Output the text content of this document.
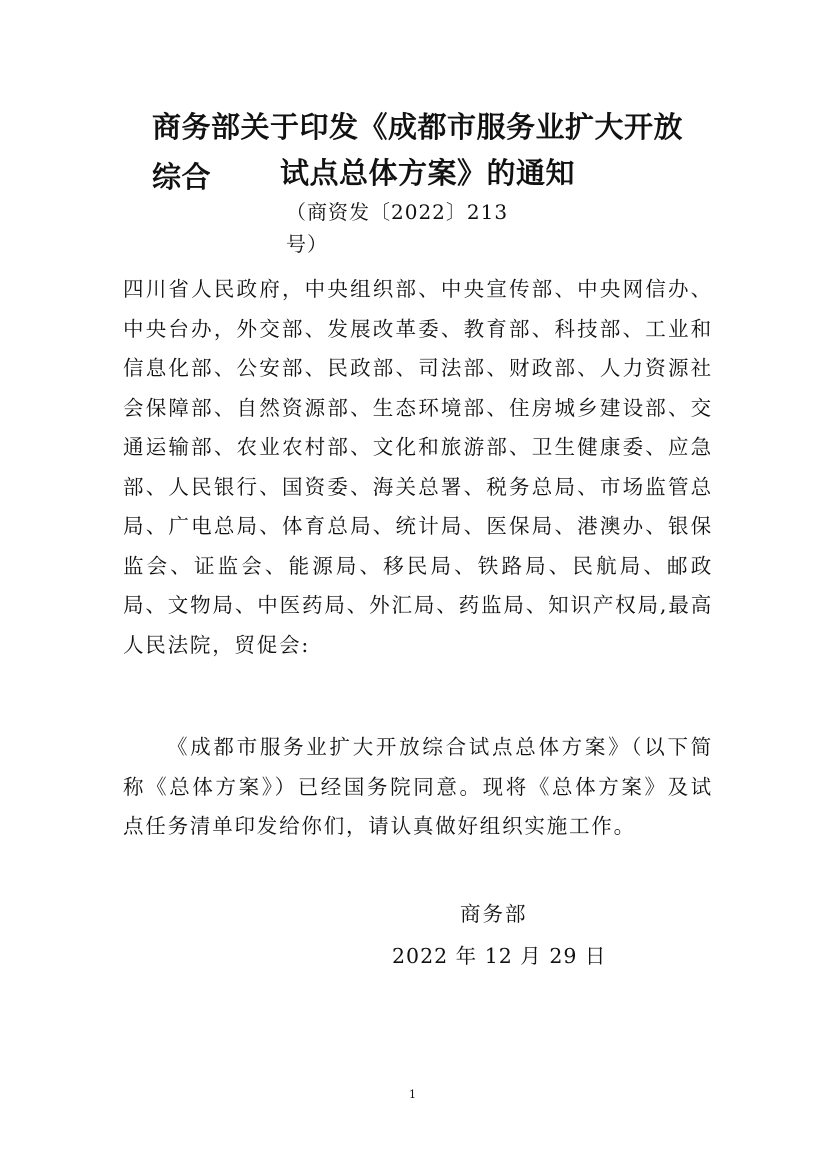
商务部关于印发《成都市服务业扩大开放综合	试点总体方案》的通知
（商资发〔2022〕213 号）

四川省人民政府，中央组织部、中央宣传部、中央网信办、中央台办，外交部、发展改革委、教育部、科技部、工业和信息化部、公安部、民政部、司法部、财政部、人力资源社会保障部、自然资源部、生态环境部、住房城乡建设部、交通运输部、农业农村部、文化和旅游部、卫生健康委、应急部、人民银行、国资委、海关总署、税务总局、市场监管总局、广电总局、体育总局、统计局、医保局、港澳办、银保监会、证监会、能源局、移民局、铁路局、民航局、邮政局、文物局、中医药局、外汇局、药监局、知识产权局,最高人民法院，贸促会:

《成都市服务业扩大开放综合试点总体方案》（以下简称《总体方案》）已经国务院同意。现将《总体方案》及试点任务清单印发给你们，请认真做好组织实施工作。

商务部
2022 年 12 月 29 日
1
